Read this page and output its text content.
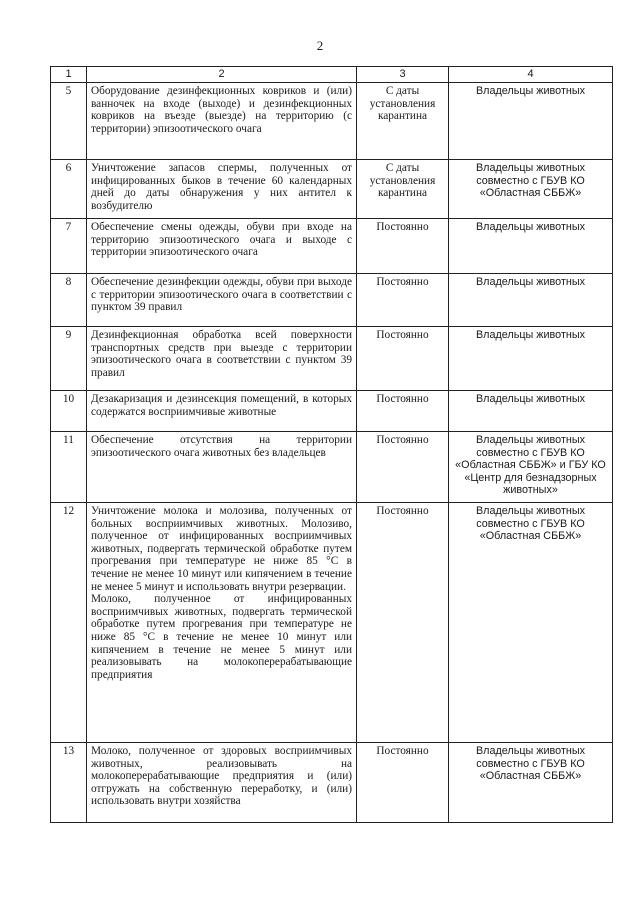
2
1	2	3	4
5	Оборудование дезинфекционных ковриков и (или) ванночек на входе (выходе) и дезинфекционных ковриков на въезде (выезде) на территорию (с территории) эпизоотического очага	С даты установления карантина	Владельцы животных
6	Уничтожение запасов спермы, полученных от инфицированных быков в течение 60 календарных дней до даты обнаружения у них антител к возбудителю	С даты установления карантина	Владельцы животных совместно с ГБУВ КО «Областная СББЖ»
7	Обеспечение смены одежды, обуви при входе на территорию эпизоотического очага и выходе с территории эпизоотического очага	Постоянно	Владельцы животных
8	Обеспечение дезинфекции одежды, обуви при выходе с территории эпизоотического очага в соответствии с пунктом 39 правил	Постоянно	Владельцы животных
9	Дезинфекционная обработка всей поверхности транспортных средств при выезде с территории эпизоотического очага в соответствии с пунктом 39 правил	Постоянно	Владельцы животных
10	Дезакаризация и дезинсекция помещений, в которых содержатся восприимчивые животные	Постоянно	Владельцы животных
11	Обеспечение отсутствия на территории эпизоотического очага животных без владельцев	Постоянно	Владельцы животных совместно с ГБУВ КО «Областная СББЖ» и ГБУ КО «Центр для безнадзорных животных»
12	Уничтожение молока и молозива, полученных от больных восприимчивых животных. Молозиво, полученное от инфицированных восприимчивых животных, подвергать термической обработке путем прогревания при температуре не ниже 85 °С в течение не менее 10 минут или кипячением в течение не менее 5 минут и использовать внутри резервации.
Молоко, полученное от инфицированных восприимчивых животных, подвергать термической обработке путем прогревания при температуре не ниже 85 °С в течение не менее 10 минут или кипячением в течение не менее 5 минут или реализовывать на молокоперерабатывающие предприятия	Постоянно	Владельцы животных совместно с ГБУВ КО «Областная СББЖ»
13	Молоко, полученное от здоровых восприимчивых животных, реализовывать на молокоперерабатывающие предприятия и (или) отгружать на собственную переработку, и (или) использовать внутри хозяйства	Постоянно	Владельцы животных совместно с ГБУВ КО «Областная СББЖ»
